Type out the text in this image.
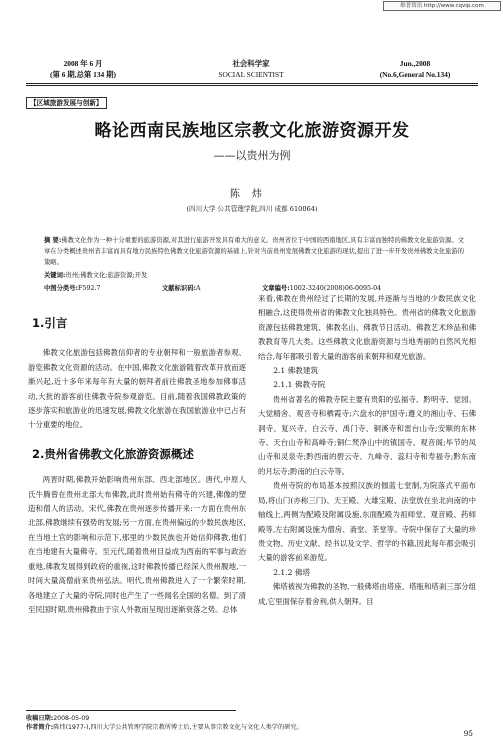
维普资讯 http://www.cqvip.com
2008 年 6 月
(第 6 期,总第 134 期)
社会科学家
SOCIAL SCIENTIST
Jun.,2008
(No.6,General No.134)
【区域旅游发展与创新】
略论西南民族地区宗教文化旅游资源开发
——以贵州为例
陈炜
(四川大学 公共管理学院,四川 成都 610064)
摘 要:佛教文化作为一种十分重要的旅游资源,对其进行旅游开发具有重大的意义。贵州省位于中国的西南地区,具有丰富而独特的佛教文化旅游资源。文章在分类概述贵州省丰富而具有地方民族特色佛教文化旅游资源的基础上,针对当前贵州发展佛教文化旅游的现状,提出了进一步开发贵州佛教文化旅游的策略。
关键词:贵州;佛教文化;旅游资源;开发
中图分类号:F592.7	文献标识码:A	文章编号:1002-3240(2008)06-0095-04
1.引言

佛教文化旅游包括佛教信仰者的专业朝拜和一般旅游者参观、游览佛教文化资源的活动。在中国,佛教文化旅游随着改革开放而逐渐兴起,近十多年来每年有大量的朝拜者前往佛教圣地参加佛事活动,大批的游客前往佛教寺院参观游览。目前,随着我国佛教政策的逐步落实和旅游业的迅速发展,佛教文化旅游在我国旅游业中已占有十分重要的地位。

2.贵州省佛教文化旅游资源概述

两晋时期,佛教开始影响贵州东部、西北部地区。唐代,中原人氏牛腾曾在贵州北部大布佛教,此时贵州始有佛寺的兴建,佛像的塑造和僧人的活动。宋代,佛教在贵州逐步传播开来:一方面在贵州东北部,佛教继续有强势的发展;另一方面,在贵州偏远的少数民族地区,在当地土官的影响和示范下,那里的少数民族也开始信仰佛教,他们在当地建有大量佛寺。至元代,随着贵州目益成为西南的军事与政治重地,佛教发展得到政府的重视,这时佛教传播已经深入贵州腹地,一时间大量高僧前来贵州弘法。明代,贵州佛教进入了一个繁荣时期,各地建立了大量的寺院,同时也产生了一些闻名全国的名僧。到了清至民国时期,贵州佛教由于宗人外教而呈现出逐渐衰落之势。总体

来看,佛教在贵州经过了长期的发展,并逐渐与当地的少数民族文化相融合,这使得贵州省的佛教文化独具特色。贵州省的佛教文化旅游资源包括佛教建筑、佛教名山、佛教节日活动、佛教艺术珍品和佛教教育等几大类。这些佛教文化旅游资源与当地秀丽的自然风光相结合,每年都吸引着大量的游客前来朝拜和观光旅游。

2.1 佛教建筑
2.1.1 佛教寺院

贵州省著名的佛教寺院主要有贵阳的弘福寺、黔明寺、觉园、大觉精舍、观音寺和栖霞寺;六盘水的护国寺;遵义的湘山寺、石佛洞寺、复兴寺、白云寺、禹门寺、铜溪寺和雷台山寺;安顺的东林寺、天台山寺和高峰寺;铜仁梵净山中的镇国寺、观音阁;毕节的凤山寺和灵泉寺;黔西南的碧云寺、九峰寺、蕊归寺和寿福寺;黔东南的月坛寺;黔南的白云寺等。

贵州寺院的布局基本按照汉族的伽蓝七堂制,为院落式平面布局,将山门(亦称三门)、天王殿、大雄宝殿、法堂放在坐北向南的中轴线上,两侧为配殿及附属设施,东面配殿为祖师堂、观音殿、药师殿等,左右附属设施为僧房、斋堂、茶堂等。寺院中保存了大量的珍贵文物、历史文献、经书以及文学、哲学的书籍,因此每年都会吸引大量的游客前来游览。

2.1.2 佛塔

佛塔被视为佛教的圣物,一般佛塔由塔座、塔瓶和塔刹三部分组成,它里面保存着舍利,供人朝拜。目

收稿日期:2008-05-09
作者简介:陈炜(1977-),四川大学公共管理学院宗教所博士后,主要从事宗教文化与文化人类学的研究。
95
